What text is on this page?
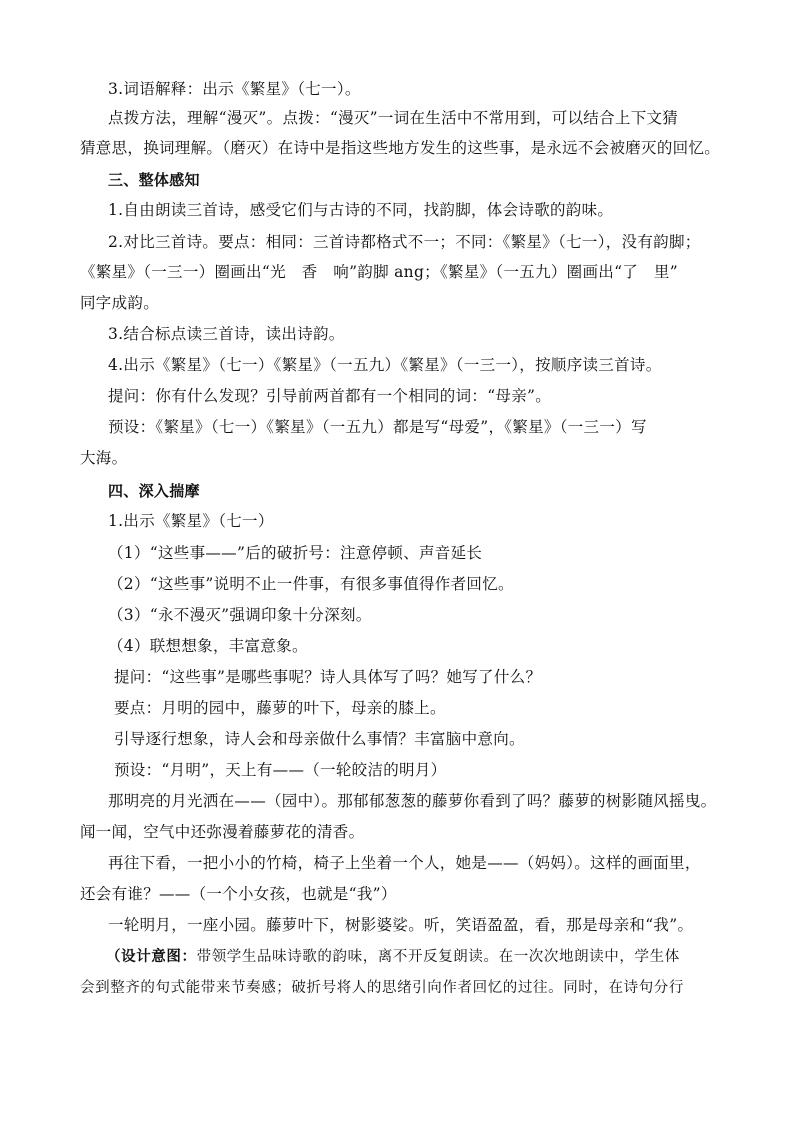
3.词语解释：出示《繁星》（七一）。
点拨方法，理解“漫灭”。点拨：“漫灭”一词在生活中不常用到，可以结合上下文猜
猜意思，换词理解。（磨灭）在诗中是指这些地方发生的这些事，是永远不会被磨灭的回忆。
三、整体感知
1.自由朗读三首诗，感受它们与古诗的不同，找韵脚，体会诗歌的韵味。
2.对比三首诗。要点：相同：三首诗都格式不一；不同：《繁星》（七一），没有韵脚；
《繁星》（一三一）圈画出“光　香　响”韵脚 ang；《繁星》（一五九）圈画出“了　里”
同字成韵。
3.结合标点读三首诗，读出诗韵。
4.出示《繁星》（七一）《繁星》（一五九）《繁星》（一三一），按顺序读三首诗。
提问：你有什么发现？引导前两首都有一个相同的词：“母亲”。
预设：《繁星》（七一）《繁星》（一五九）都是写“母爱”，《繁星》（一三一）写
大海。
四、深入揣摩
1.出示《繁星》（七一）
（1）“这些事——”后的破折号：注意停顿、声音延长
（2）“这些事”说明不止一件事，有很多事值得作者回忆。
（3）“永不漫灭”强调印象十分深刻。
（4）联想想象，丰富意象。
提问：“这些事”是哪些事呢？诗人具体写了吗？她写了什么？
要点：月明的园中，藤萝的叶下，母亲的膝上。
引导逐行想象，诗人会和母亲做什么事情？丰富脑中意向。
预设：“月明”，天上有——（一轮皎洁的明月）
那明亮的月光洒在——（园中）。那郁郁葱葱的藤萝你看到了吗？藤萝的树影随风摇曳。
闻一闻，空气中还弥漫着藤萝花的清香。
再往下看，一把小小的竹椅，椅子上坐着一个人，她是——（妈妈）。这样的画面里，
还会有谁？——（一个小女孩，也就是“我”）
一轮明月，一座小园。藤萝叶下，树影婆娑。听，笑语盈盈，看，那是母亲和“我”。
（设计意图：带领学生品味诗歌的韵味，离不开反复朗读。在一次次地朗读中，学生体
会到整齐的句式能带来节奏感；破折号将人的思绪引向作者回忆的过往。同时，在诗句分行
